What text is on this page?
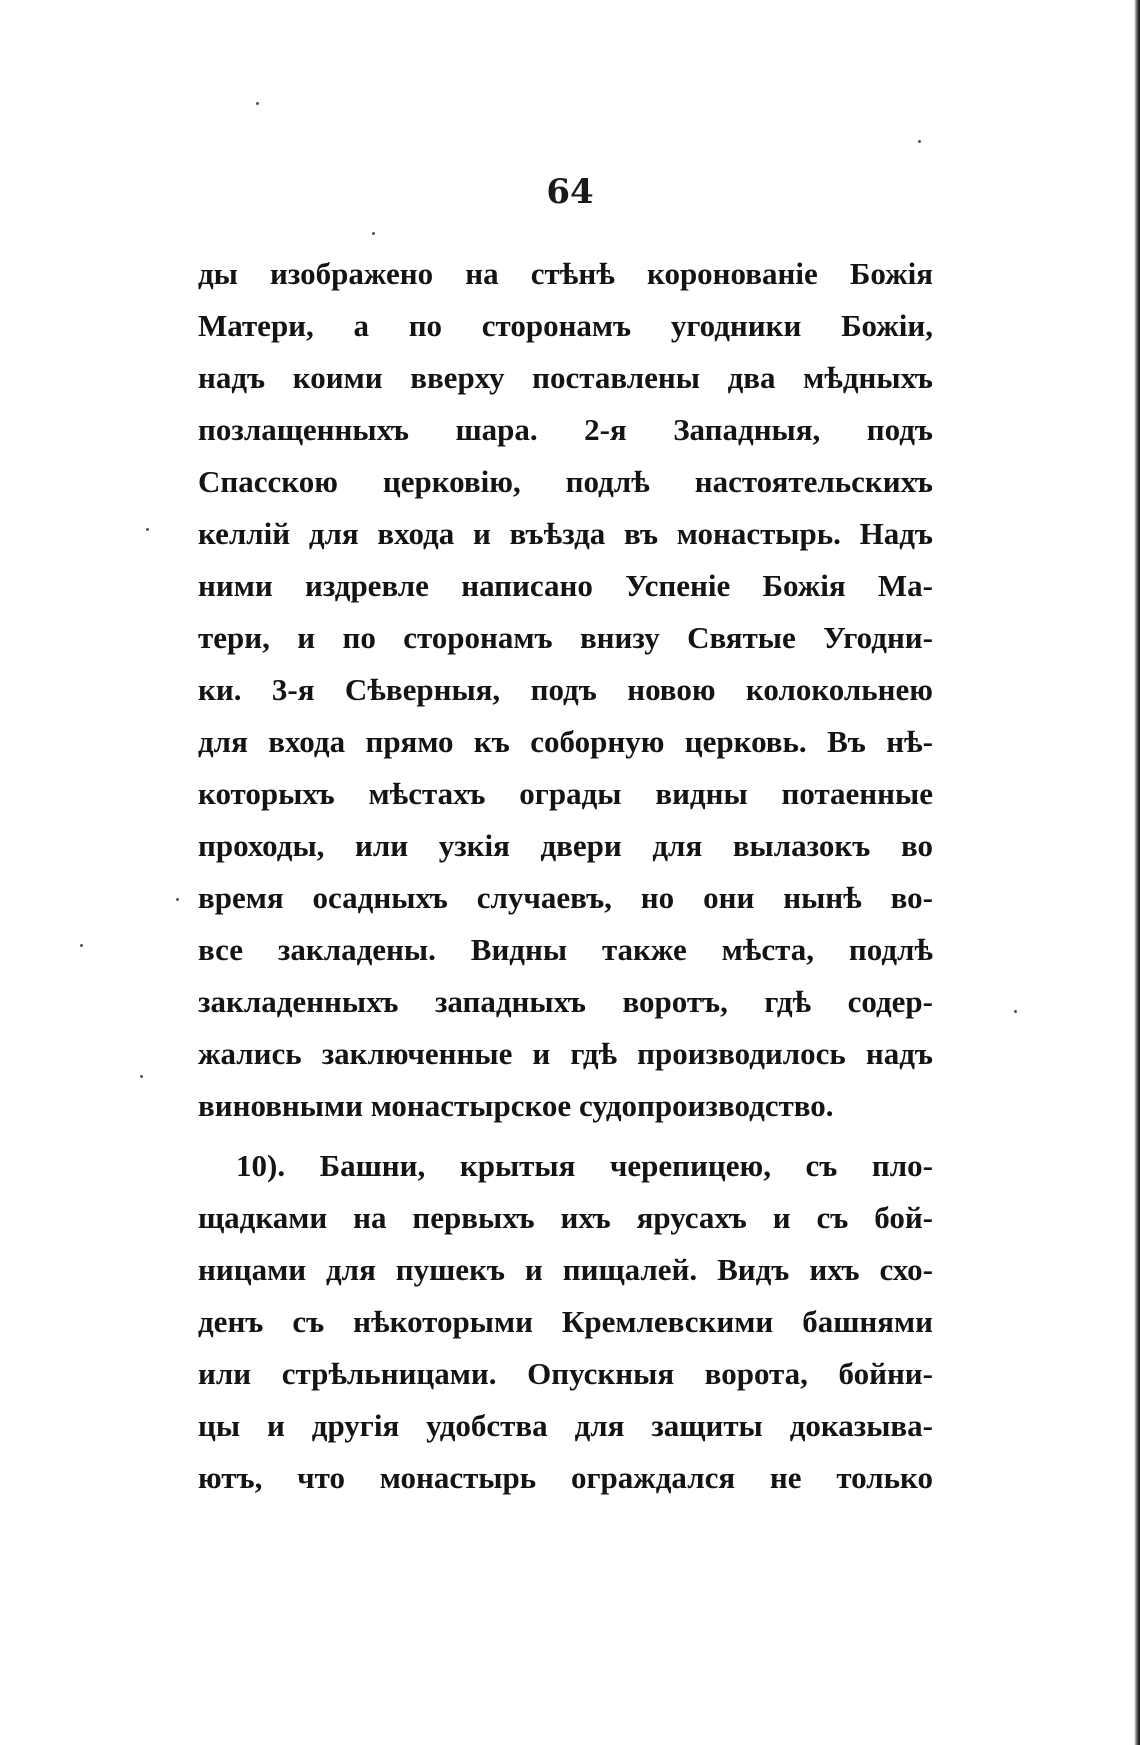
64
ды изображено на стѣнѣ коронованіе Божія
Матери, а по сторонамъ угодники Божіи,
надъ коими вверху поставлены два мѣдныхъ
позлащенныхъ шара. 2-я Западныя, подъ
Спасскою церковію, подлѣ настоятельскихъ
келлій для входа и въѣзда въ монастырь. Надъ
ними издревле написано Успеніе Божія Ма-
тери, и по сторонамъ внизу Святые Угодни-
ки. 3-я Сѣверныя, подъ новою колокольнею
для входа прямо къ соборную церковь. Въ нѣ-
которыхъ мѣстахъ ограды видны потаенные
проходы, или узкія двери для вылазокъ во
время осадныхъ случаевъ, но они нынѣ во-
все закладены. Видны также мѣста, подлѣ
закладенныхъ западныхъ воротъ, гдѣ содер-
жались заключенные и гдѣ производилось надъ
виновными монастырское судопроизводство.
10). Башни, крытыя черепицею, съ пло-
щадками на первыхъ ихъ ярусахъ и съ бой-
ницами для пушекъ и пищалей. Видъ ихъ схо-
денъ съ нѣкоторыми Кремлевскими башнями
или стрѣльницами. Опускныя ворота, бойни-
цы и другія удобства для защиты доказыва-
ютъ, что монастырь ограждался не только
